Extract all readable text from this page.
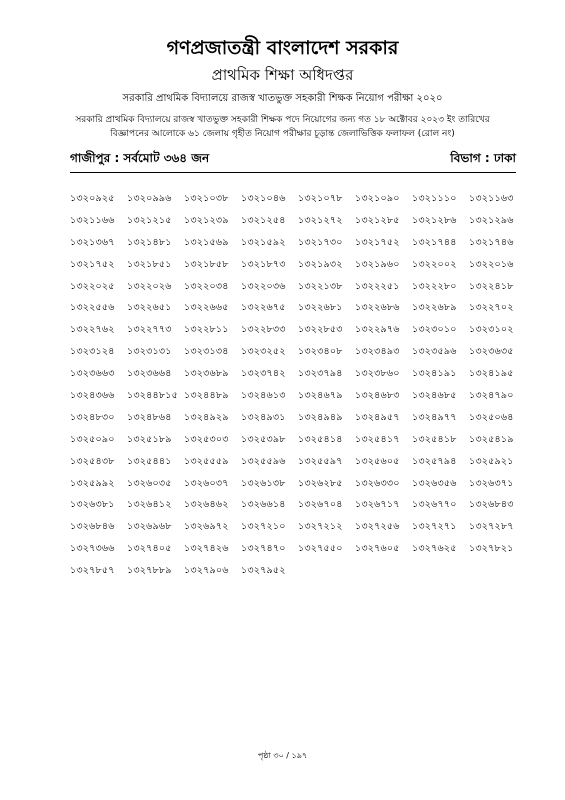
গণপ্রজাতন্ত্রী বাংলাদেশ সরকার
প্রাথমিক শিক্ষা অধিদপ্তর
সরকারি প্রাথমিক বিদ্যালয়ে রাজস্ব খাতভুক্ত সহকারী শিক্ষক নিয়োগ পরীক্ষা ২০২০
সরকারি প্রাথমিক বিদ্যালয়ে রাজস্ব খাতভুক্ত সহকারী শিক্ষক পদে নিয়োগের জন্য গত ১৮ অক্টোবর ২০২৩ ইং তারিখের
বিজ্ঞাপনের আলোকে ৬১ জেলায় গৃহীত নিয়োগ পরীক্ষার চূড়ান্ত জেলাভিত্তিক ফলাফল (রোল নং)
গাজীপুর : সর্বমোট ৩৬৪ জন	বিভাগ : ঢাকা
১৩২০৯২৫	১৩২০৯৯৬	১৩২১০৩৮	১৩২১০৪৬	১৩২১০৭৮	১৩২১০৯০	১৩২১১১০	১৩২১১৬৩
১৩২১১৬৬	১৩২১২১৫	১৩২১২৩৯	১৩২১২৫৪	১৩২১২৭২	১৩২১২৮৫	১৩২১২৮৬	১৩২১২৯৬
১৩২১৩৬৭	১৩২১৪৮১	১৩২১৫৬৯	১৩২১৫৯২	১৩২১৭৩০	১৩২১৭৫২	১৩২১৭৪৪	১৩২১৭৪৬
১৩২১৭৫২	১৩২১৮৫১	১৩২১৮৫৮	১৩২১৮৭৩	১৩২১৯৩২	১৩২১৯৬০	১৩২২০০২	১৩২২০১৬
১৩২২০২৫	১৩২২০২৬	১৩২২০৩৪	১৩২২০৩৬	১৩২২১৩৮	১৩২২২৫১	১৩২২২৮০	১৩২২৪১৮
১৩২২৫৫৬	১৩২২৬৫১	১৩২২৬৬৫	১৩২২৬৭৫	১৩২২৬৮১	১৩২২৬৮৬	১৩২২৬৮৯	১৩২২৭০২
১৩২২৭৬২	১৩২২৭৭৩	১৩২২৮১১	১৩২২৮৩৩	১৩২২৮৫৩	১৩২২৯৭৬	১৩২৩০১০	১৩২৩১০২
১৩২৩১২৪	১৩২৩১৩১	১৩২৩১৩৪	১৩২৩২৫২	১৩২৩৪০৮	১৩২৩৪৯৩	১৩২৩৫৯৬	১৩২৩৬৩৫
১৩২৩৬৬৩	১৩২৩৬৬৪	১৩২৩৬৮৯	১৩২৩৭৪২	১৩২৩৭৯৪	১৩২৩৮৬০	১৩২৪১৯১	১৩২৪১৯৫
১৩২৪৩৬৬	১৩২৪৪৮১৫ ১৩২৪৪৮৯	১৩২৪৬১৩	১৩২৪৬৭৯	১৩২৪৬৮৩	১৩২৪৬৮৫	১৩২৪৭৯০
১৩২৪৮৩০	১৩২৪৮৬৪	১৩২৪৯২৯	১৩২৪৯৩১	১৩২৪৯৪৯	১৩২৪৯৫৭	১৩২৪৯৭৭	১৩২৫০৬৪
১৩২৫০৯০	১৩২৫১৮৯	১৩২৫৩০৩	১৩২৫৩৯৮	১৩২৫৪১৪	১৩২৫৪১৭	১৩২৫৪১৮	১৩২৫৪১৯
১৩২৫৪৩৮	১৩২৫৪৪১	১৩২৫৫৫৯	১৩২৫৫৯৬	১৩২৫৫৯৭	১৩২৫৬০৫	১৩২৫৭৯৪	১৩২৫৯২১
১৩২৫৯৯২	১৩২৬০৩৫	১৩২৬০৩৭	১৩২৬১৩৮	১৩২৬২৮৫	১৩২৬৩৩০	১৩২৬৩৫৬	১৩২৬৩৭১
১৩২৬৩৮১	১৩২৬৪১২	১৩২৬৪৬২	১৩২৬৬১৪	১৩২৬৭০৪	১৩২৬৭১৭	১৩২৬৭৭০	১৩২৬৮৪৩
১৩২৬৮৪৬	১৩২৬৯৬৮	১৩২৬৯৭২	১৩২৭২১০	১৩২৭২১২	১৩২৭২৫৬	১৩২৭২৭১	১৩২৭২৮৭
১৩২৭৩৬৬	১৩২৭৪০৫	১৩২৭৪২৬	১৩২৭৪৭০	১৩২৭৫৫০	১৩২৭৬০৫	১৩২৭৬২৫	১৩২৭৮২১
১৩২৭৮৫৭	১৩২৭৮৮৯	১৩২৭৯০৬	১৩২৭৯৫২
পৃষ্ঠা ৩০ / ১৯৭
